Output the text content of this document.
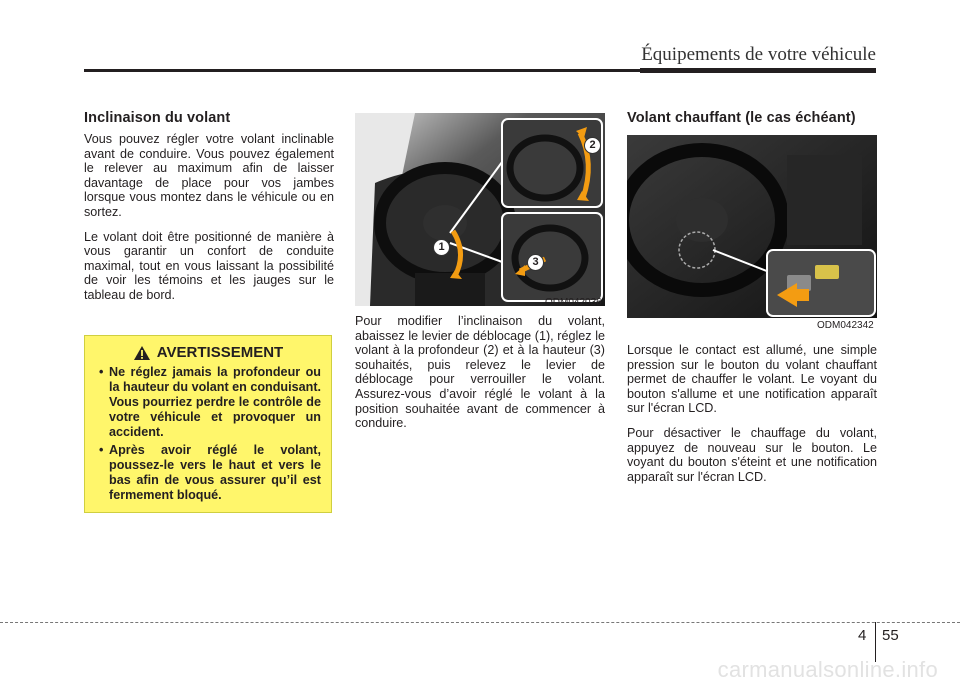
Équipements de votre véhicule
Inclinaison du volant

Vous pouvez régler votre volant inclinable avant de conduire. Vous pouvez également le relever au maximum afin de laisser davantage de place pour vos jambes lorsque vous montez dans le véhicule ou en sortez.

Le volant doit être positionné de manière à vous garantir un confort de conduite maximal, tout en vous laissant la possibilité de voir les témoins et les jauges sur le tableau de bord.

AVERTISSEMENT
• Ne réglez jamais la profondeur ou la hauteur du volant en conduisant. Vous pourriez perdre le contrôle de votre véhicule et provoquer un accident.
• Après avoir réglé le volant, poussez-le vers le haut et vers le bas afin de vous assurer qu’il est fermement bloqué.
2
3
1
ODM042036

Pour modifier l’inclinaison du volant, abaissez le levier de déblocage (1), réglez le volant à la profondeur (2) et à la hauteur (3) souhaités, puis relevez le levier de déblocage pour verrouiller le volant. Assurez-vous d’avoir réglé le volant à la position souhaitée avant de commencer à conduire.

Volant chauffant (le cas échéant)
ODM042342

Lorsque le contact est allumé, une simple pression sur le bouton du volant chauffant permet de chauffer le volant. Le voyant du bouton s'allume et une notification apparaît sur l'écran LCD.

Pour désactiver le chauffage du volant, appuyez de nouveau sur le bouton. Le voyant du bouton s'éteint et une notification apparaît sur l'écran LCD.

4 55
carmanualsonline.info
